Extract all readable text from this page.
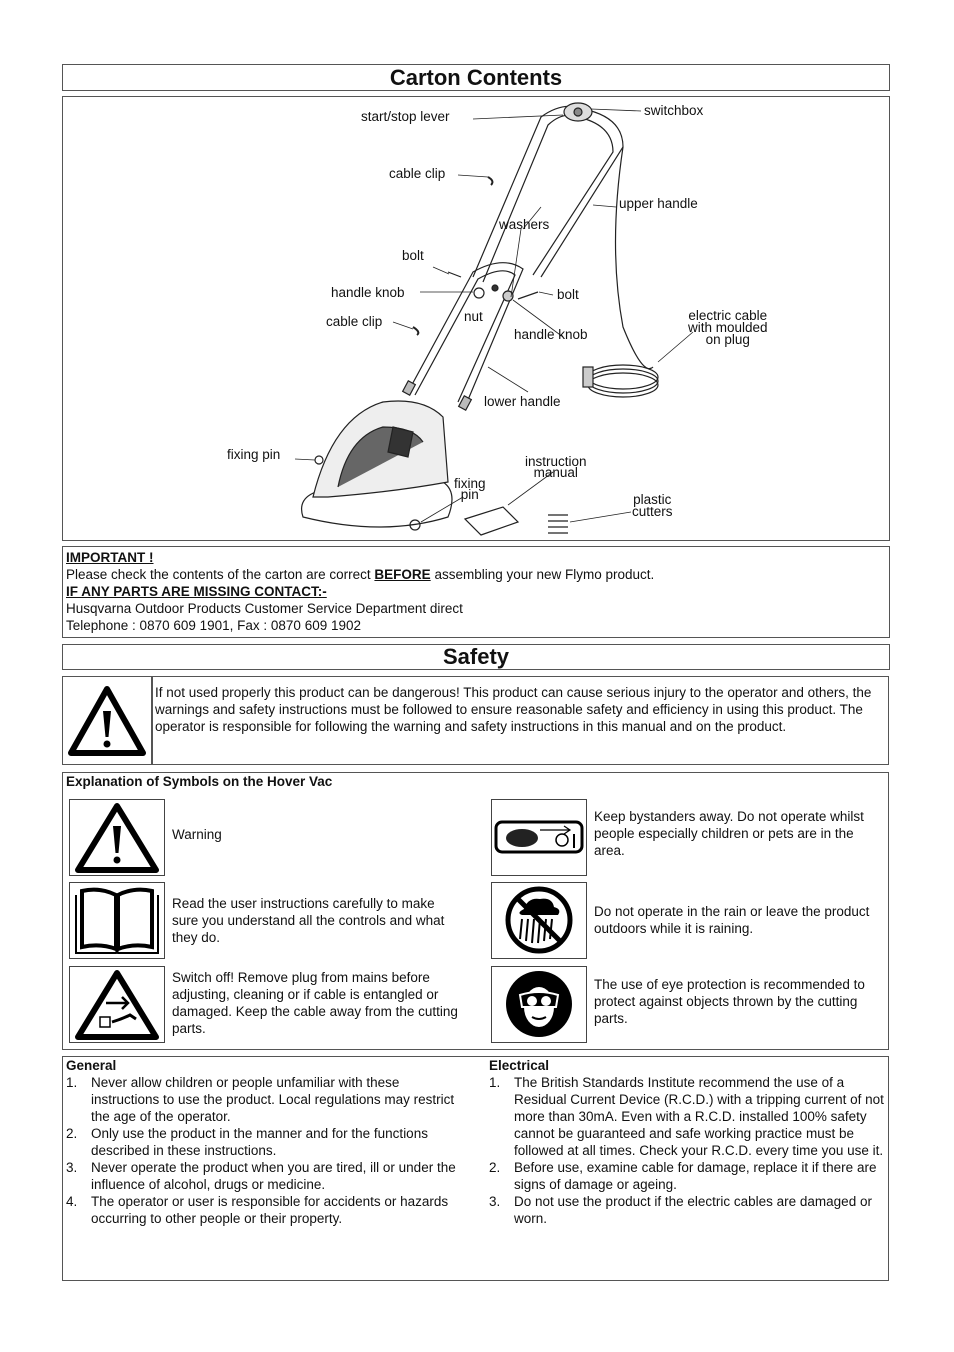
Carton Contents
start/stop lever	switchbox
cable clip
upper handle
washers
bolt
handle knob	bolt
nut
cable clip
handle knob
electric cable
with moulded
on plug
lower handle
fixing pin	instruction
manual
fixing
pin	plastic
cutters
IMPORTANT !
Please check the contents of the carton are correct BEFORE assembling your new Flymo product.
IF ANY PARTS ARE MISSING CONTACT:-
Husqvarna Outdoor Products Customer Service Department direct
Telephone : 0870 609 1901, Fax : 0870 609 1902
Safety
If not used properly this product can be dangerous! This product can cause serious injury to the operator and others, the warnings and safety instructions must be followed to ensure reasonable safety and efficiency in using this product. The operator is responsible for following the warning and safety instructions in this manual and on the product.
Explanation of Symbols on the Hover Vac
Warning
Read the user instructions carefully to make sure you understand all the controls and what they do.
Switch off! Remove plug from mains before adjusting, cleaning or if cable is entangled or damaged. Keep the cable away from the cutting parts.
Keep bystanders away. Do not operate whilst people especially children or pets are in the area.
Do not operate in the rain or leave the product outdoors while it is raining.
The use of eye protection is recommended to protect against objects thrown by the cutting parts.
General
1. Never allow children or people unfamiliar with these instructions to use the product. Local regulations may restrict the age of the operator.
2. Only use the product in the manner and for the functions described in these instructions.
3. Never operate the product when you are tired, ill or under the influence of alcohol, drugs or medicine.
4. The operator or user is responsible for accidents or hazards occurring to other people or their property.
Electrical
1. The British Standards Institute recommend the use of a Residual Current Device (R.C.D.) with a tripping current of not more than 30mA. Even with a R.C.D. installed 100% safety cannot be guaranteed and safe working practice must be followed at all times. Check your R.C.D. every time you use it.
2. Before use, examine cable for damage, replace it if there are signs of damage or ageing.
3. Do not use the product if the electric cables are damaged or worn.
